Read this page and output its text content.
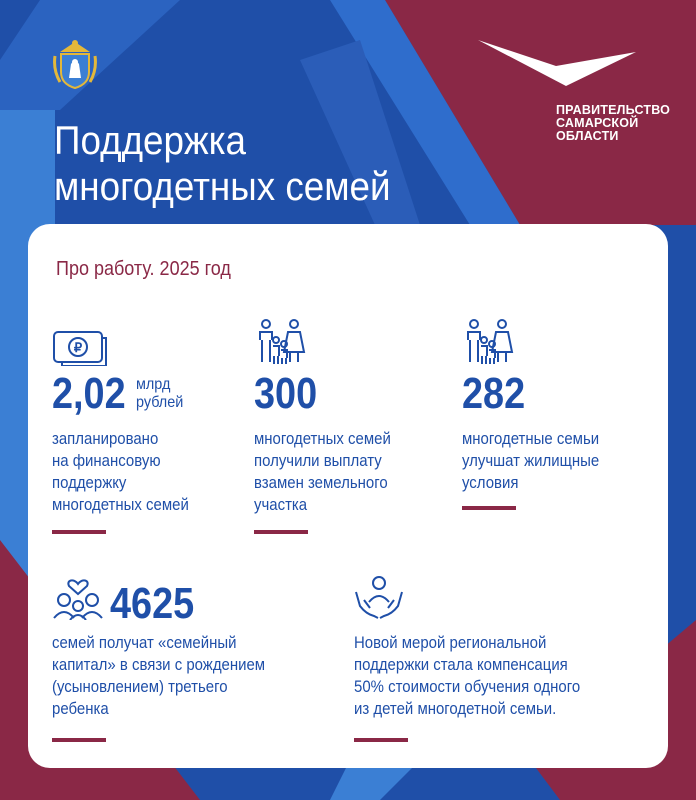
ПРАВИТЕЛЬСТВО
САМАРСКОЙ
ОБЛАСТИ
Поддержка
многодетных семей
Про работу. 2025 год
₽
2,02 млрд
рублей
запланировано
на финансовую
поддержку
многодетных семей
300
многодетных семей
получили выплату
взамен земельного
участка
282
многодетные семьи
улучшат жилищные
условия
4625
семей получат «семейный
капитал» в связи с рождением
(усыновлением) третьего
ребенка
Новой мерой региональной
поддержки стала компенсация
50% стоимости обучения одного
из детей многодетной семьи.
